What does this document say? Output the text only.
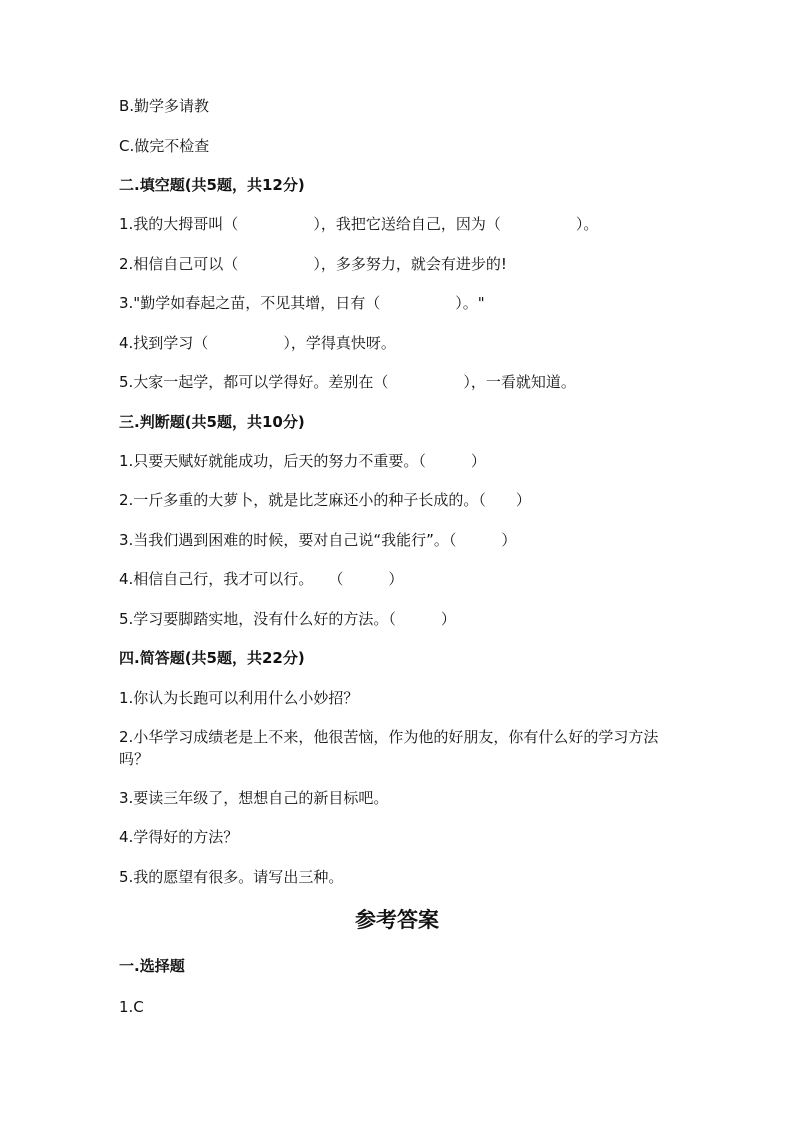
B.勤学多请教
C.做完不检查
二.填空题(共5题，共12分)
1.我的大拇哥叫（　　　　　），我把它送给自己，因为（　　　　　）。
2.相信自己可以（　　　　　），多多努力，就会有进步的!
3."勤学如春起之苗，不见其增，日有（　　　　　）。"
4.找到学习（　　　　　），学得真快呀。
5.大家一起学，都可以学得好。差别在（　　　　　），一看就知道。
三.判断题(共5题，共10分)
1.只要天赋好就能成功，后天的努力不重要。（　　　）
2.一斤多重的大萝卜，就是比芝麻还小的种子长成的。（　　）
3.当我们遇到困难的时候，要对自己说“我能行”。（　　　）
4.相信自己行，我才可以行。　　（　　　）
5.学习要脚踏实地，没有什么好的方法。（　　　）
四.简答题(共5题，共22分)
1.你认为长跑可以利用什么小妙招？
2.小华学习成绩老是上不来，他很苦恼，作为他的好朋友，你有什么好的学习方法吗？
3.要读三年级了，想想自己的新目标吧。
4.学得好的方法？
5.我的愿望有很多。请写出三种。
参考答案
一.选择题
1.C
